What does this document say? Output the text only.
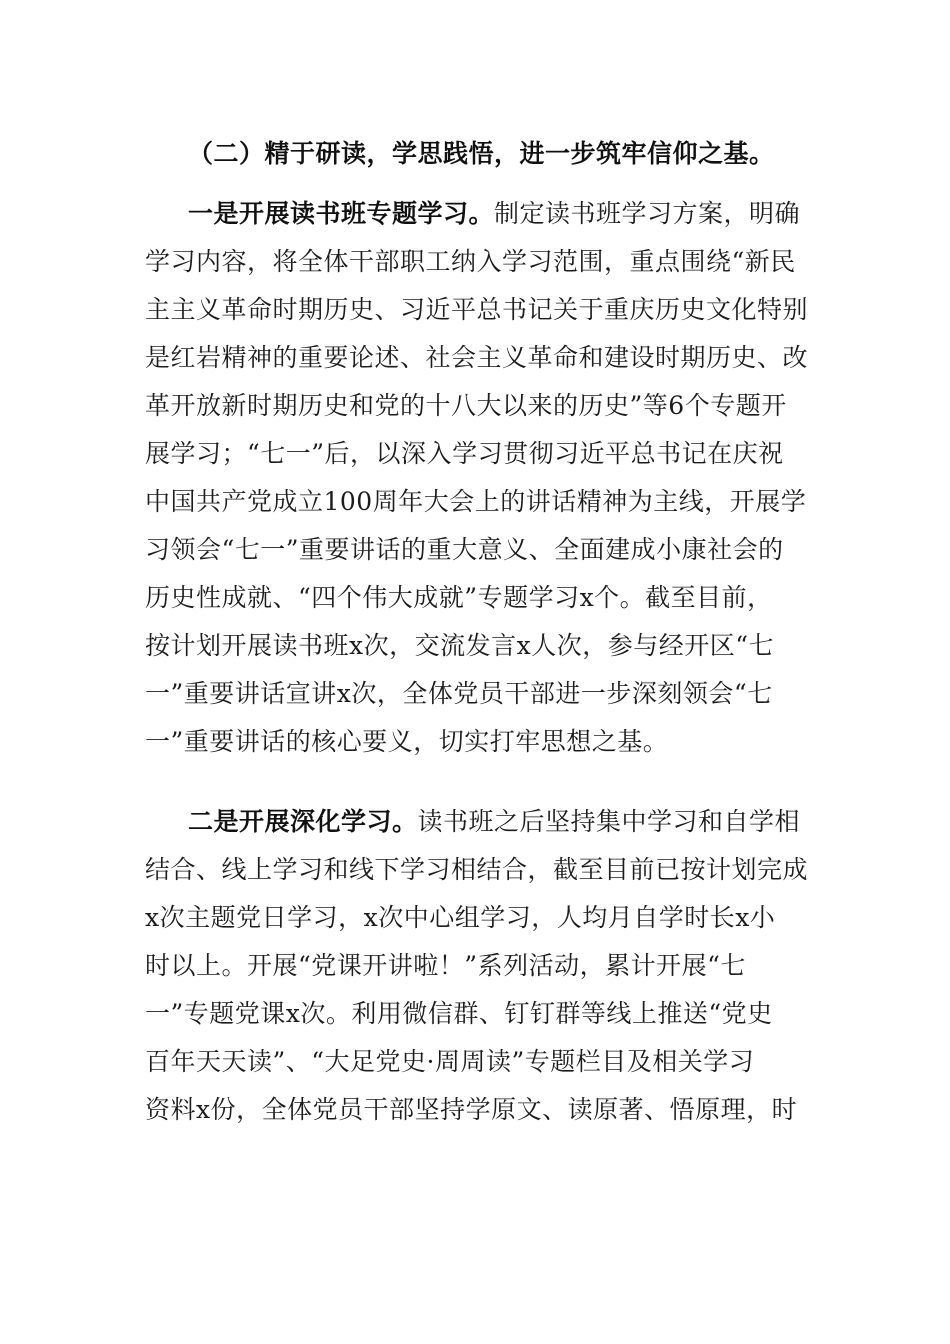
（二）精于研读，学思践悟，进一步筑牢信仰之基。
一是开展读书班专题学习。制定读书班学习方案，明确
学习内容，将全体干部职工纳入学习范围，重点围绕“新民
主主义革命时期历史、习近平总书记关于重庆历史文化特别
是红岩精神的重要论述、社会主义革命和建设时期历史、改
革开放新时期历史和党的十八大以来的历史”等6个专题开
展学习；“七一”后，以深入学习贯彻习近平总书记在庆祝
中国共产党成立100周年大会上的讲话精神为主线，开展学
习领会“七一”重要讲话的重大意义、全面建成小康社会的
历史性成就、“四个伟大成就”专题学习x个。截至目前，
按计划开展读书班x次，交流发言x人次，参与经开区“七
一”重要讲话宣讲x次，全体党员干部进一步深刻领会“七
一”重要讲话的核心要义，切实打牢思想之基。
二是开展深化学习。读书班之后坚持集中学习和自学相
结合、线上学习和线下学习相结合，截至目前已按计划完成
x次主题党日学习，x次中心组学习，人均月自学时长x小
时以上。开展“党课开讲啦！”系列活动，累计开展“七
一”专题党课x次。利用微信群、钉钉群等线上推送“党史
百年天天读”、“大足党史·周周读”专题栏目及相关学习
资料x份，全体党员干部坚持学原文、读原著、悟原理，时
